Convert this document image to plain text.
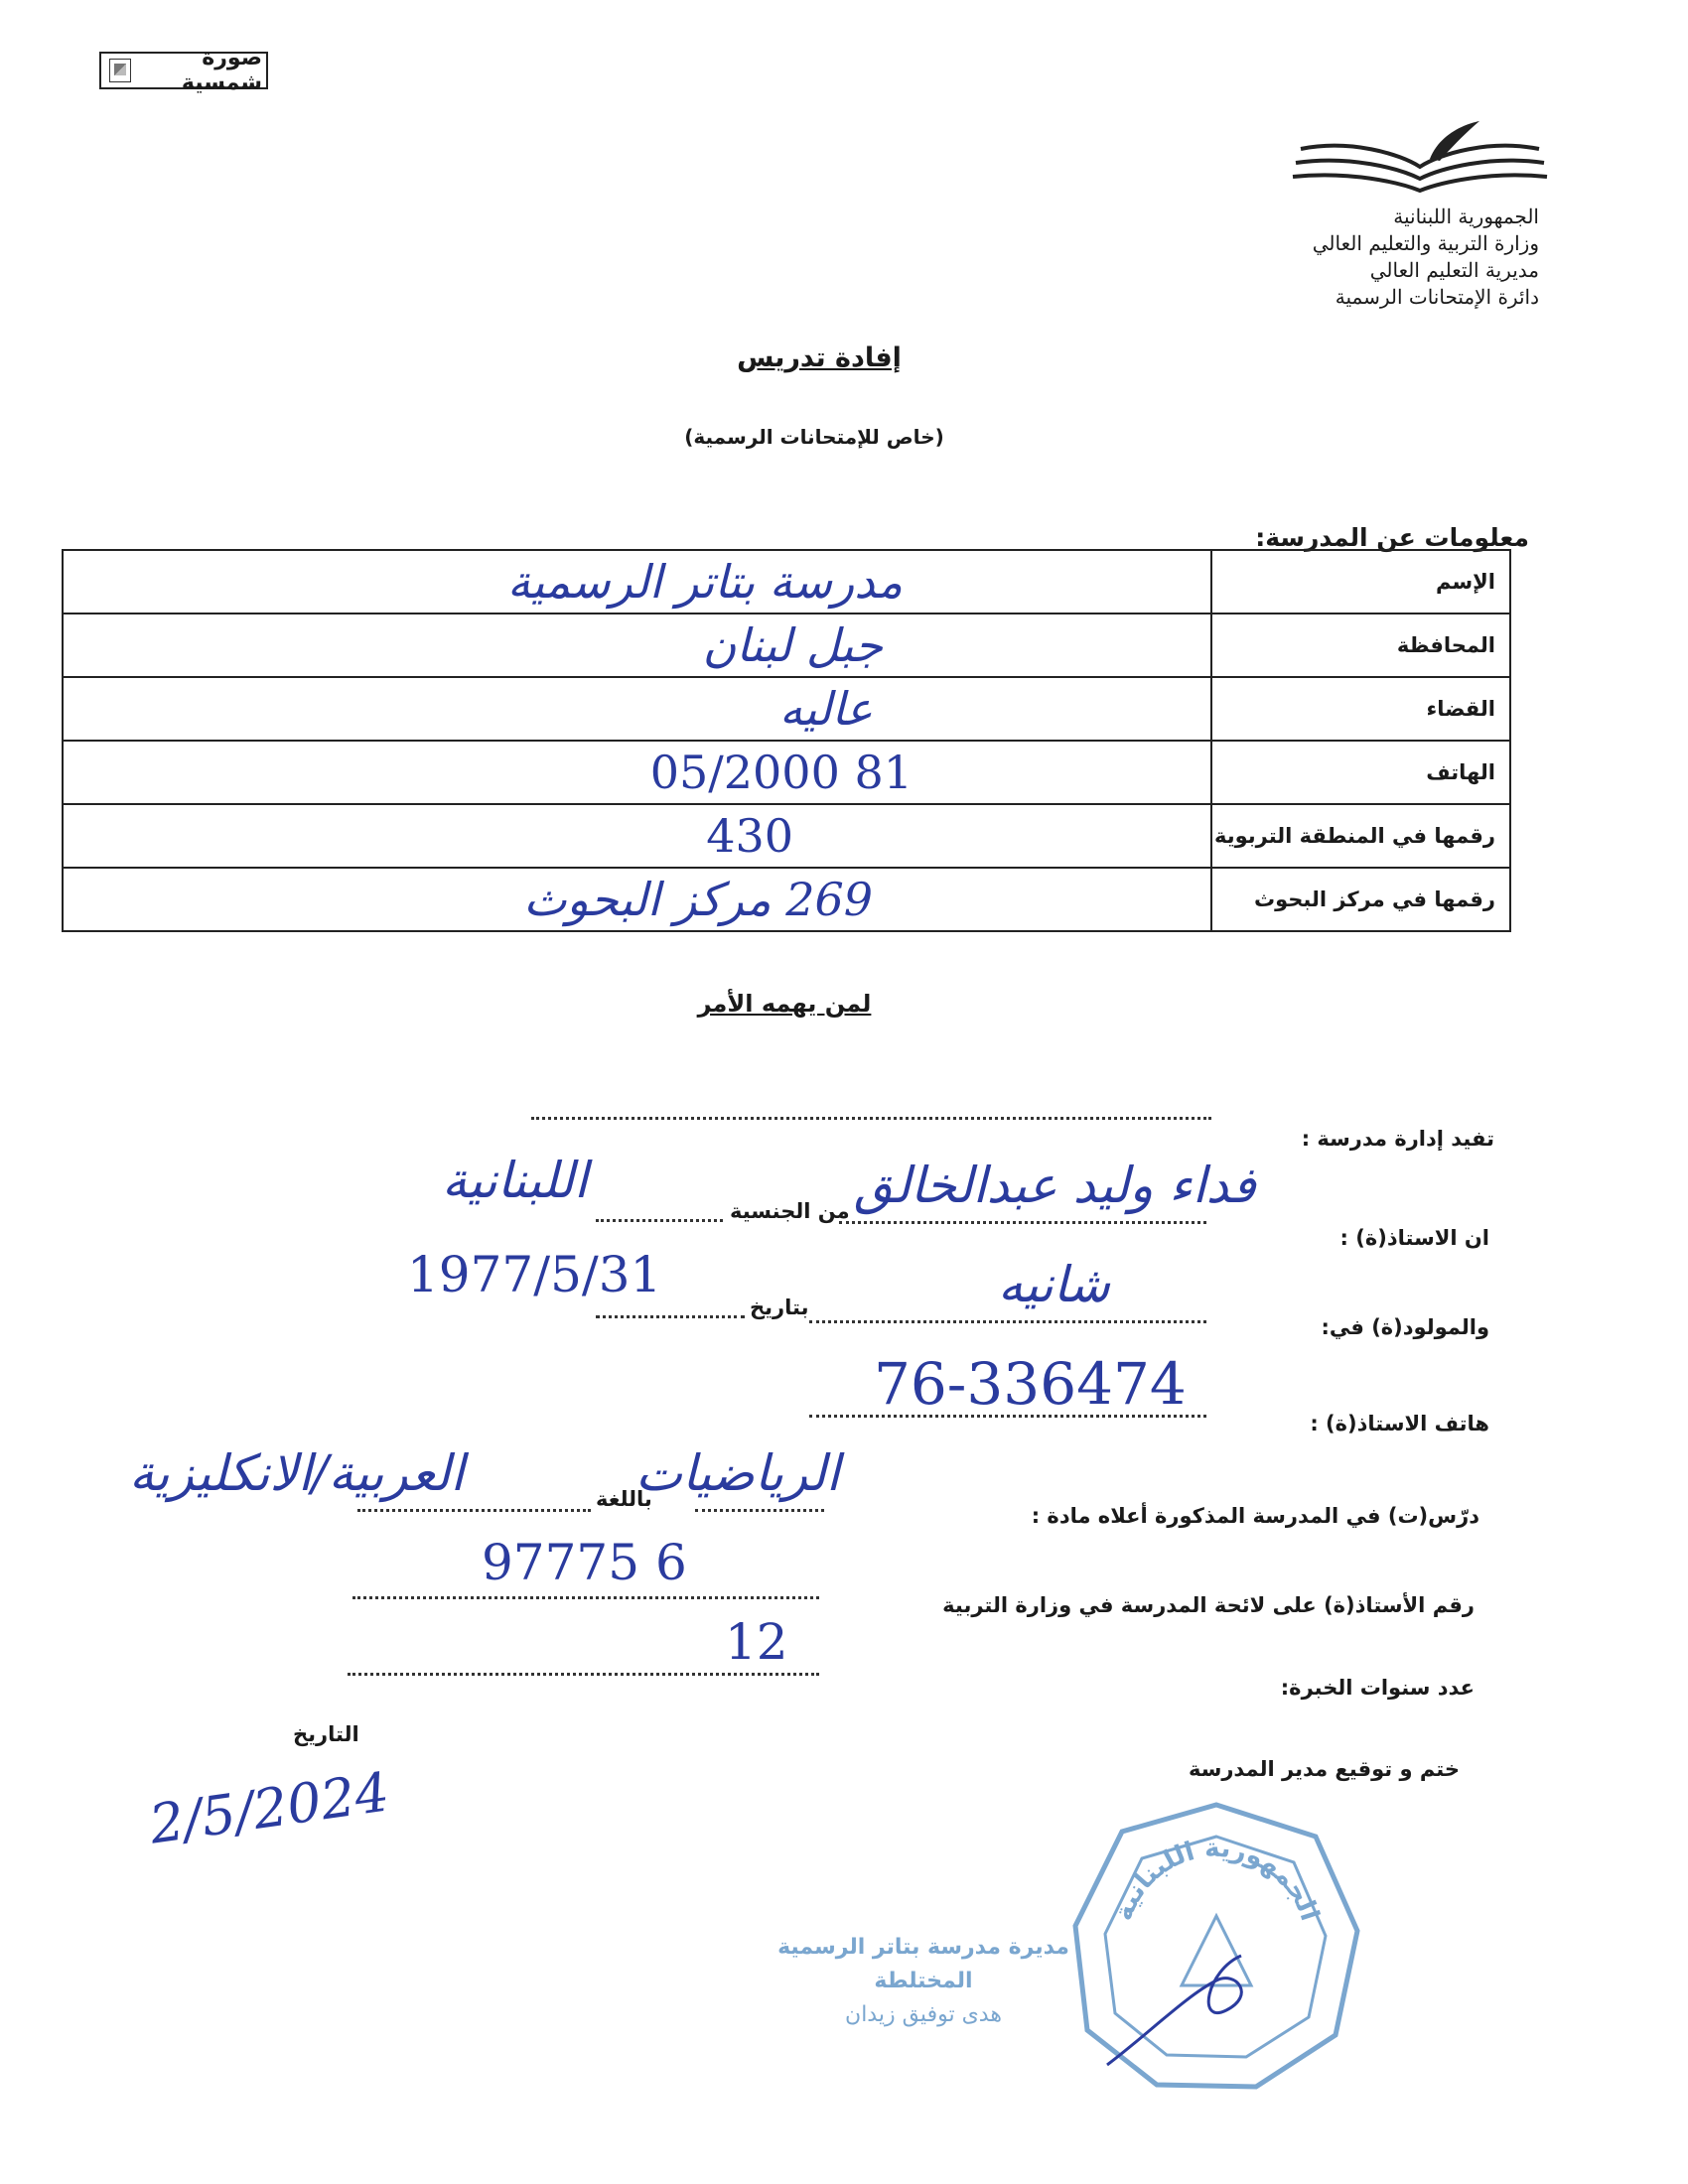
صورة شمسية
الجمهورية اللبنانية
وزارة التربية والتعليم العالي
مديرية التعليم العالي
دائرة الإمتحانات الرسمية
إفادة تدريس
(خاص للإمتحانات الرسمية)
معلومات عن المدرسة:
مدرسة بتاتر الرسمية	الإسم

جبل لبنان	المحافظة

عاليه	القضاء

05/2000 81	الهاتف

430	رقمها في المنطقة التربوية

269 مركز البحوث	رقمها في مركز البحوث
لمن يهمه الأمر
تفيد إدارة مدرسة :
ان الاستاذ(ة) :
فداء وليد عبدالخالق
من الجنسية
اللبنانية
والمولود(ة) في:
شانيه
بتاريخ
1977/5/31
هاتف الاستاذ(ة) :
76-336474
درّس(ت) في المدرسة المذكورة أعلاه مادة :
الرياضيات
باللغة
العربية/الانكليزية
رقم الأستاذ(ة) على لائحة المدرسة في وزارة التربية
97775 6
عدد سنوات الخبرة:
12
التاريخ
2/5/2024	ختم و توقيع مدير المدرسة
الجمهورية اللبنانية
مديرة مدرسة بتاتر الرسمية المختلطة
هدى توفيق زيدان
